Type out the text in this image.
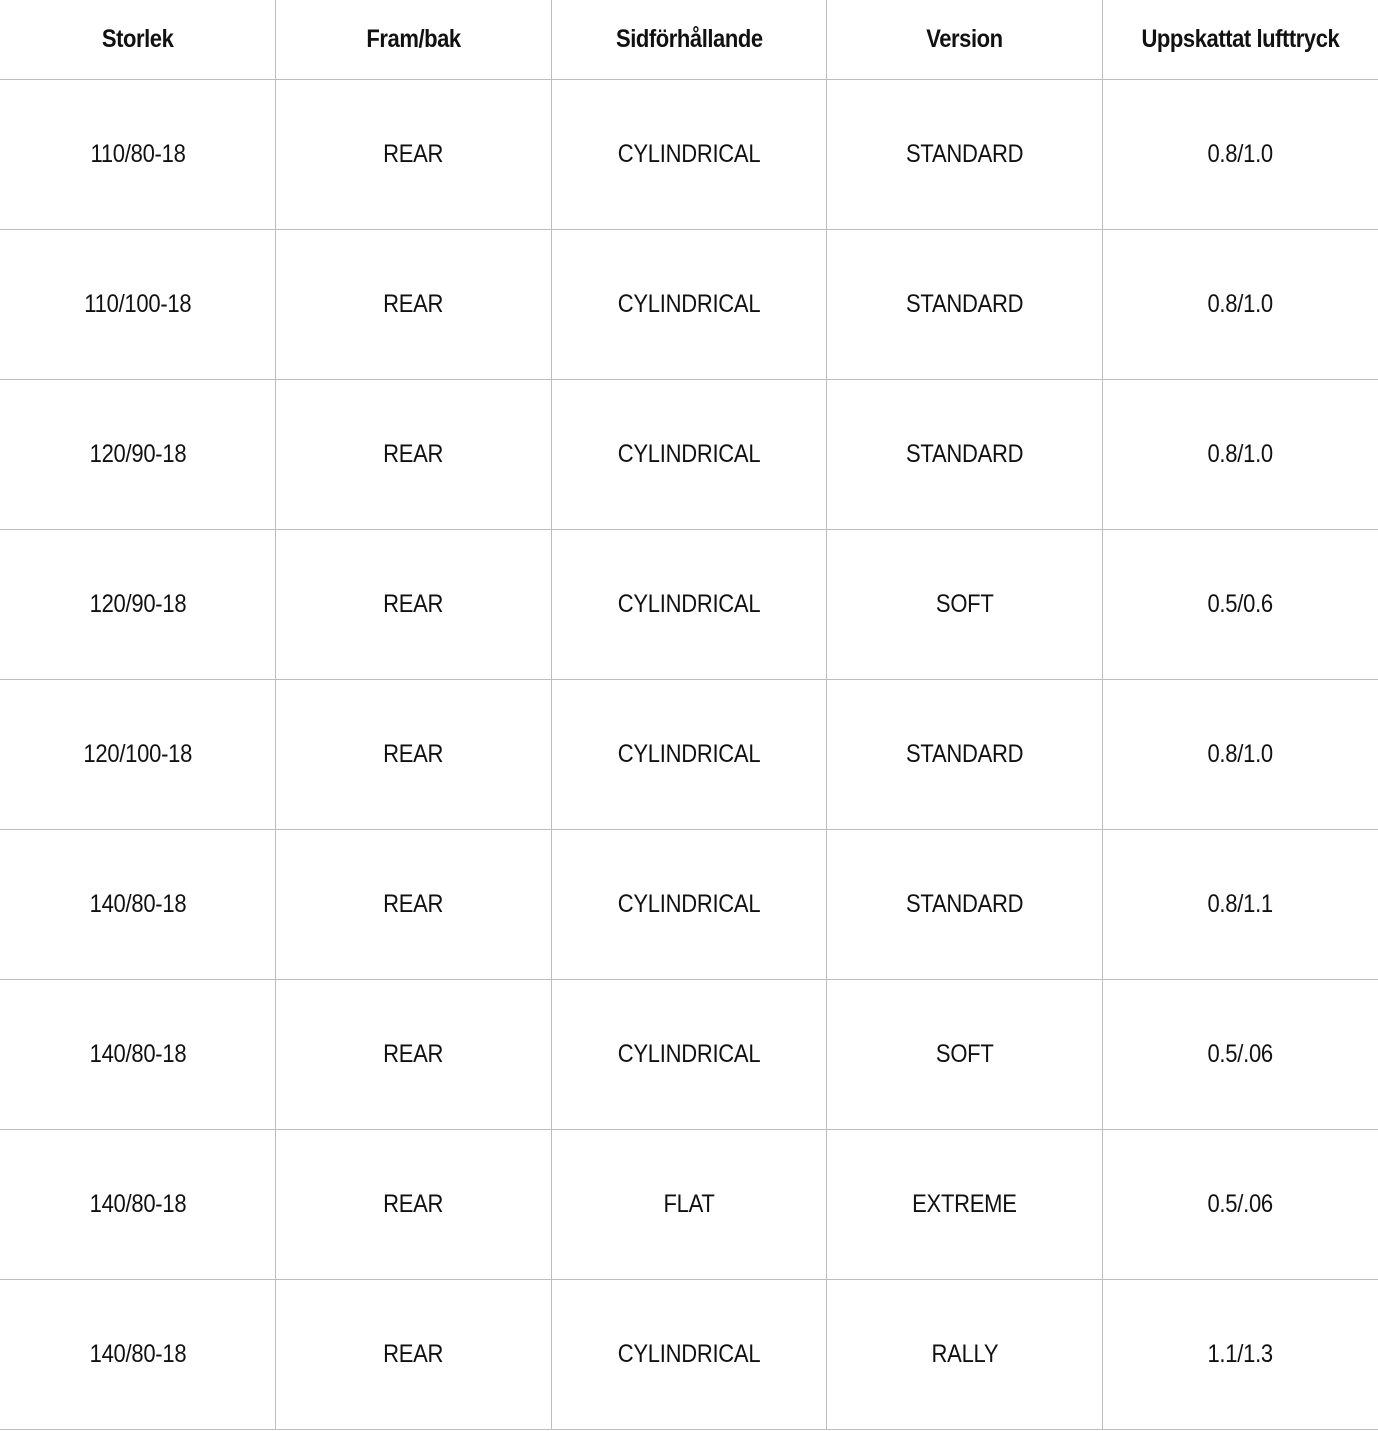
Storlek	Fram/bak	Sidförhållande	Version	Uppskattat lufttryck
110/80-18	REAR	CYLINDRICAL	STANDARD	0.8/1.0
110/100-18	REAR	CYLINDRICAL	STANDARD	0.8/1.0
120/90-18	REAR	CYLINDRICAL	STANDARD	0.8/1.0
120/90-18	REAR	CYLINDRICAL	SOFT	0.5/0.6
120/100-18	REAR	CYLINDRICAL	STANDARD	0.8/1.0
140/80-18	REAR	CYLINDRICAL	STANDARD	0.8/1.1
140/80-18	REAR	CYLINDRICAL	SOFT	0.5/.06
140/80-18	REAR	FLAT	EXTREME	0.5/.06
140/80-18	REAR	CYLINDRICAL	RALLY	1.1/1.3
